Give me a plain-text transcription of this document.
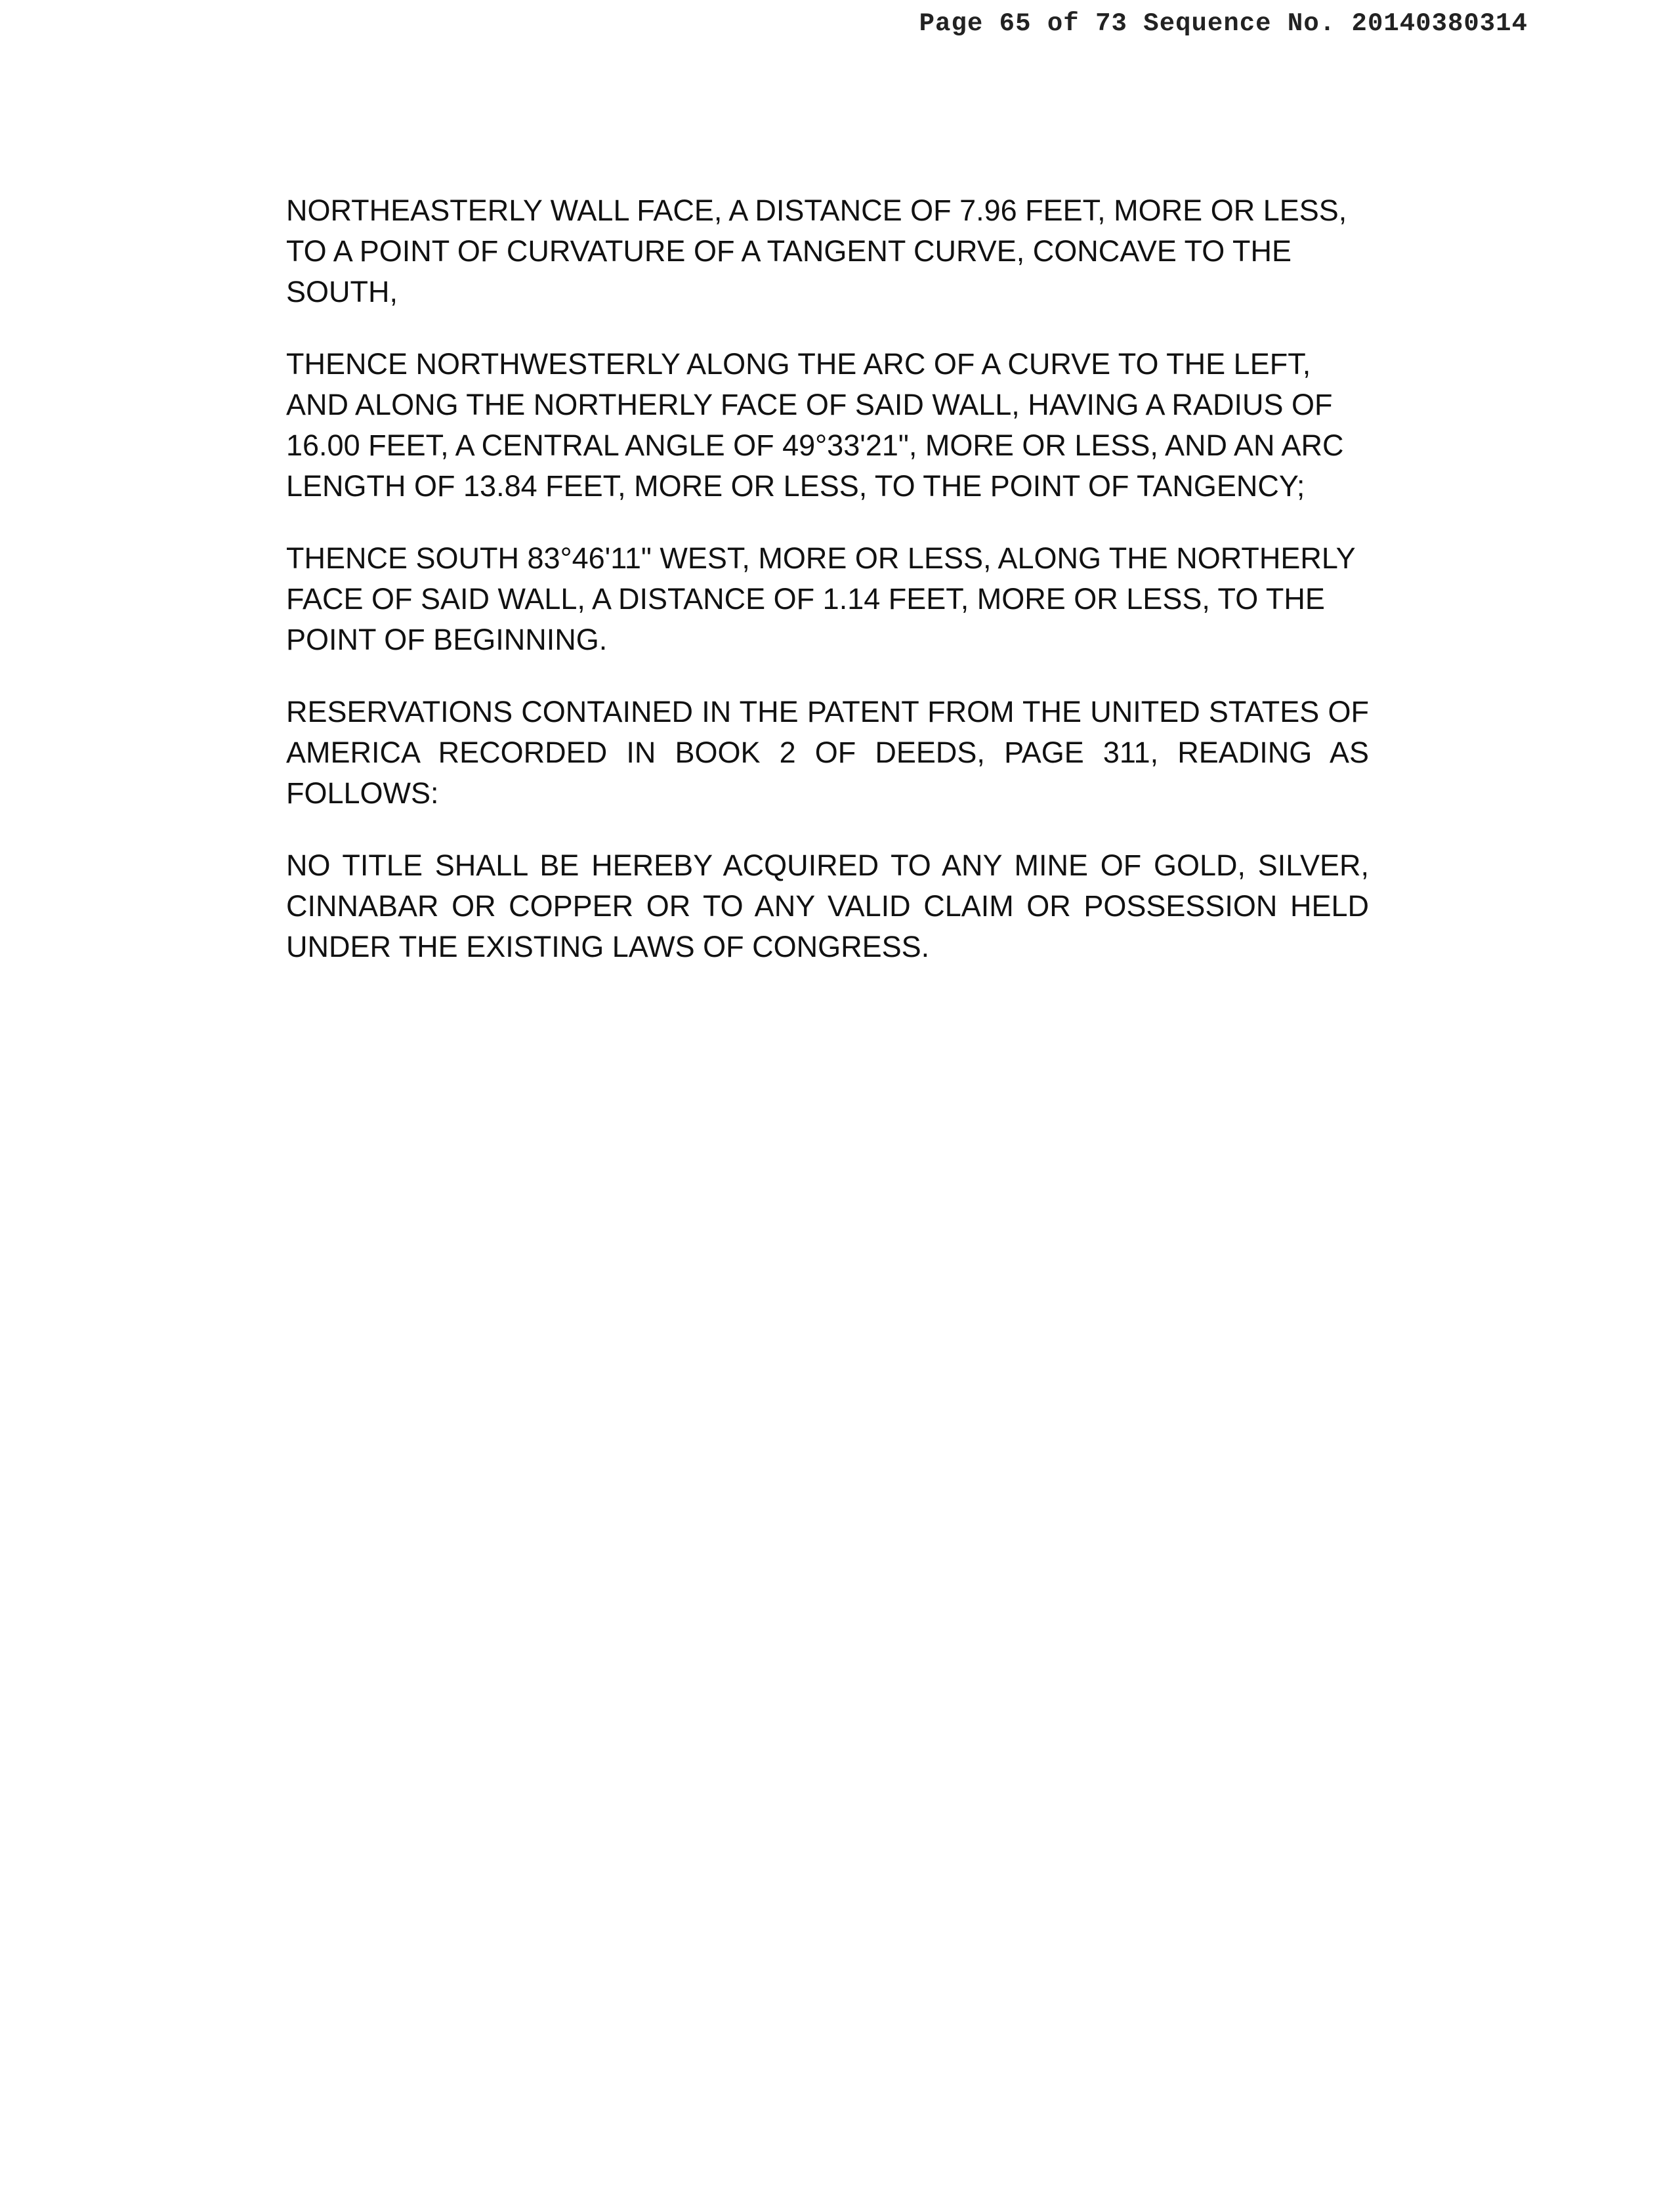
Page 65 of 73 Sequence No. 20140380314

NORTHEASTERLY WALL FACE, A DISTANCE OF 7.96 FEET, MORE OR LESS, TO A POINT OF CURVATURE OF A TANGENT CURVE, CONCAVE TO THE SOUTH,

THENCE NORTHWESTERLY ALONG THE ARC OF A CURVE TO THE LEFT, AND ALONG THE NORTHERLY FACE OF SAID WALL, HAVING A RADIUS OF 16.00 FEET, A CENTRAL ANGLE OF 49°33'21", MORE OR LESS, AND AN ARC LENGTH OF 13.84 FEET, MORE OR LESS, TO THE POINT OF TANGENCY;

THENCE SOUTH 83°46'11" WEST, MORE OR LESS, ALONG THE NORTHERLY FACE OF SAID WALL, A DISTANCE OF 1.14 FEET, MORE OR LESS, TO THE POINT OF BEGINNING.

RESERVATIONS CONTAINED IN THE PATENT FROM THE UNITED STATES OF AMERICA RECORDED IN BOOK 2 OF DEEDS, PAGE 311, READING AS FOLLOWS:

NO TITLE SHALL BE HEREBY ACQUIRED TO ANY MINE OF GOLD, SILVER, CINNABAR OR COPPER OR TO ANY VALID CLAIM OR POSSESSION HELD UNDER THE EXISTING LAWS OF CONGRESS.
